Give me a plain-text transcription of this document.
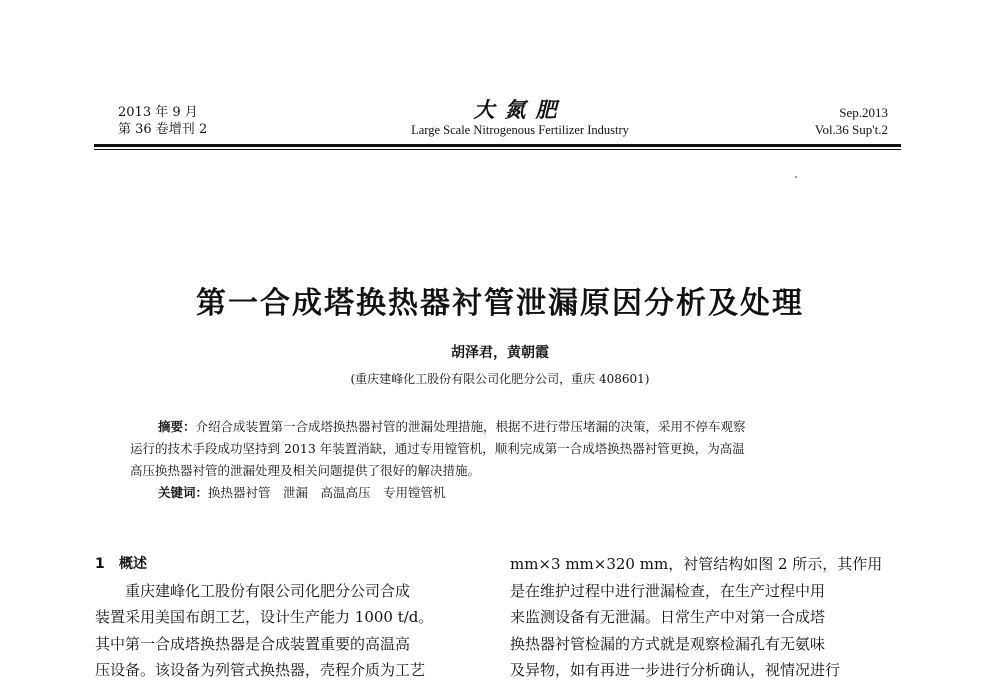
2013 年 9 月
第 36 卷增刊 2
大氮肥
Large Scale Nitrogenous Fertilizer Industry
Sep.2013
Vol.36 Sup't.2
第一合成塔换热器衬管泄漏原因分析及处理
胡泽君，黄朝霞
(重庆建峰化工股份有限公司化肥分公司，重庆 408601)
摘要：介绍合成装置第一合成塔换热器衬管的泄漏处理措施，根据不进行带压堵漏的决策，采用不停车观察
运行的技术手段成功坚持到 2013 年装置消缺，通过专用镗管机，顺利完成第一合成塔换热器衬管更换，为高温
高压换热器衬管的泄漏处理及相关问题提供了很好的解决措施。
关键词：换热器衬管　泄漏　高温高压　专用镗管机
1 概述
重庆建峰化工股份有限公司化肥分公司合成
装置采用美国布朗工艺，设计生产能力 1000 t/d。
其中第一合成塔换热器是合成装置重要的高温高
压设备。该设备为列管式换热器，壳程介质为工艺
mm×3 mm×320 mm，衬管结构如图 2 所示，其作用
是在维护过程中进行泄漏检查，在生产过程中用
来监测设备有无泄漏。日常生产中对第一合成塔
换热器衬管检漏的方式就是观察检漏孔有无氨味
及异物，如有再进一步进行分析确认，视情况进行
